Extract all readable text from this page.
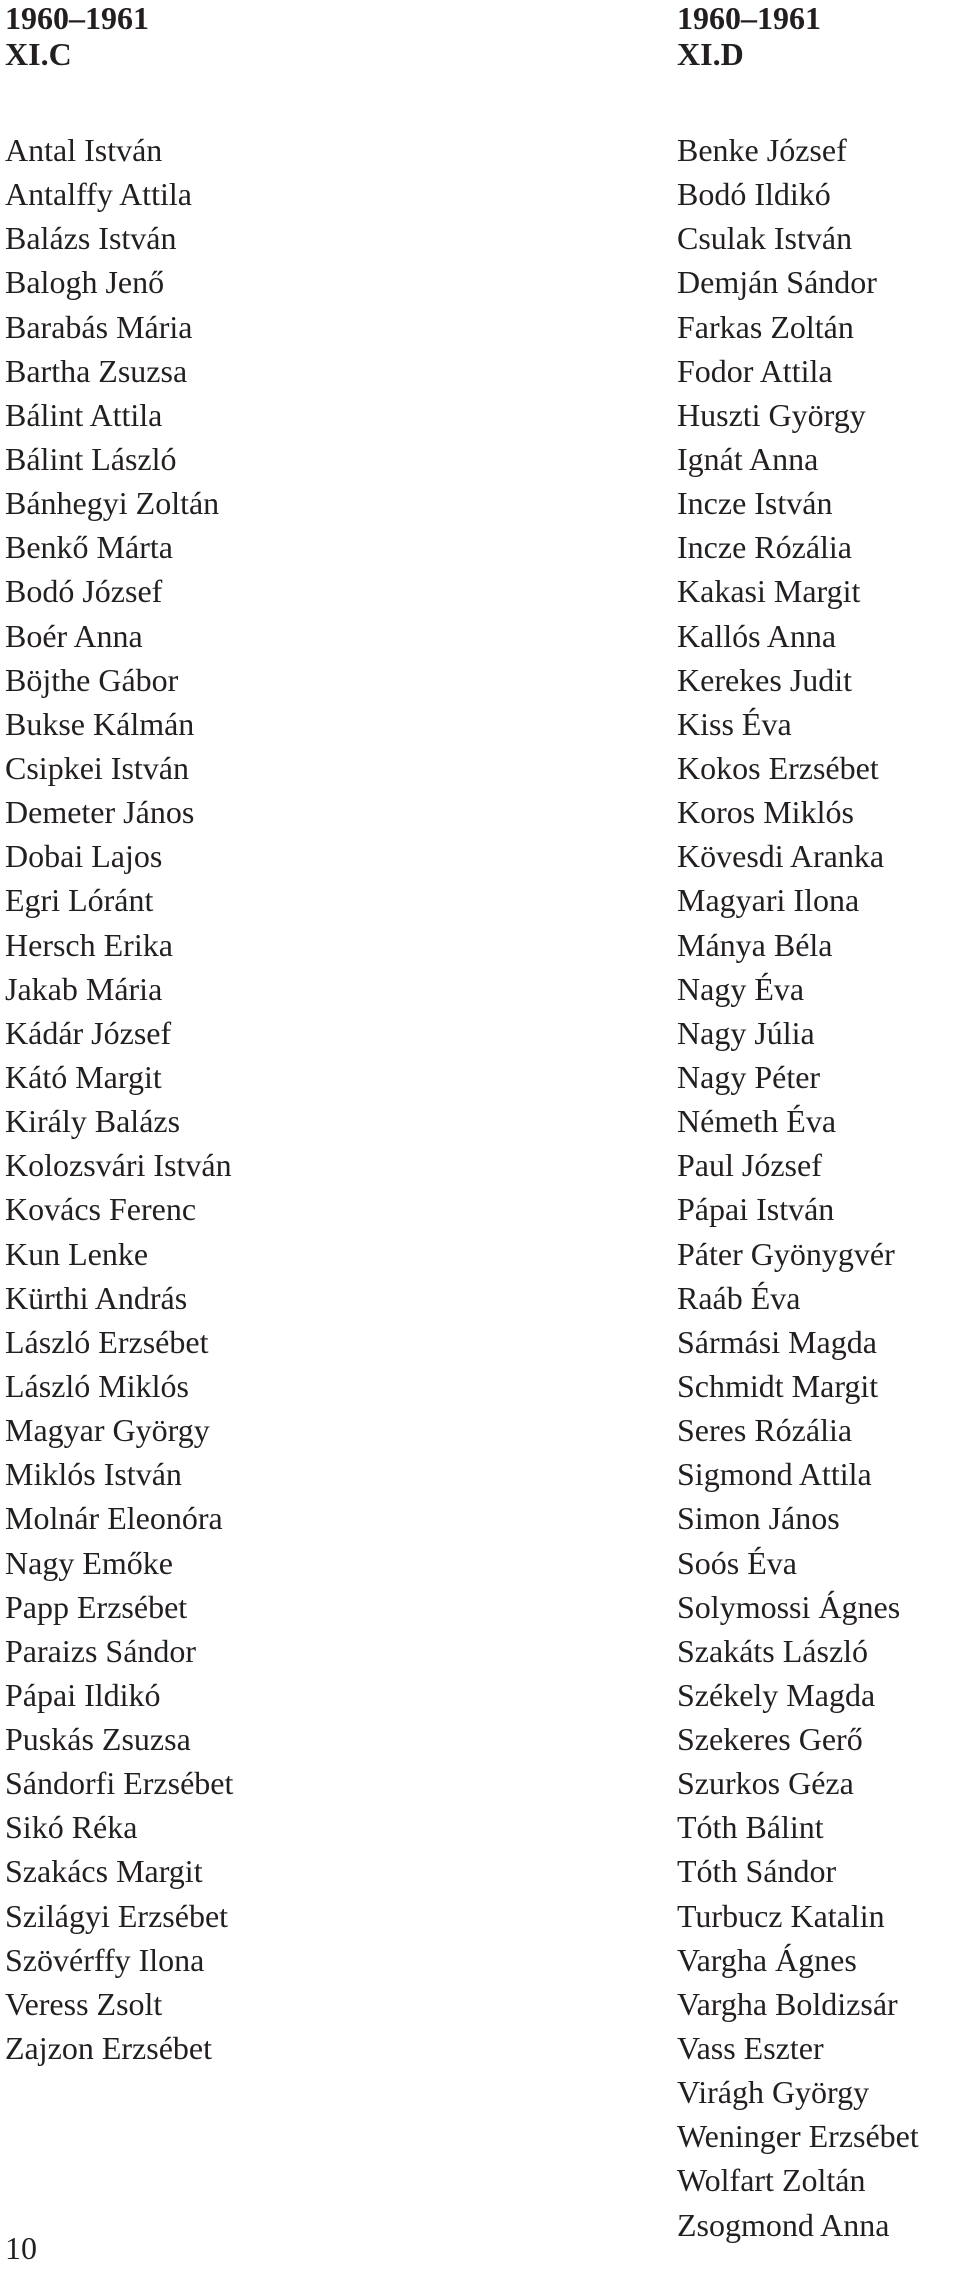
1960–1961
XI.C
Antal István
Antalffy Attila
Balázs István
Balogh Jenő
Barabás Mária
Bartha Zsuzsa
Bálint Attila
Bálint László
Bánhegyi Zoltán
Benkő Márta
Bodó József
Boér Anna
Böjthe Gábor
Bukse Kálmán
Csipkei István
Demeter János
Dobai Lajos
Egri Lóránt
Hersch Erika
Jakab Mária
Kádár József
Kátó Margit
Király Balázs
Kolozsvári István
Kovács Ferenc
Kun Lenke
Kürthi András
László Erzsébet
László Miklós
Magyar György
Miklós István
Molnár Eleonóra
Nagy Emőke
Papp Erzsébet
Paraizs Sándor
Pápai Ildikó
Puskás Zsuzsa
Sándorfi Erzsébet
Sikó Réka
Szakács Margit
Szilágyi Erzsébet
Szövérffy Ilona
Veress Zsolt
Zajzon Erzsébet
1960–1961
XI.D
Benke József
Bodó Ildikó
Csulak István
Demján Sándor
Farkas Zoltán
Fodor Attila
Huszti György
Ignát Anna
Incze István
Incze Rózália
Kakasi Margit
Kallós Anna
Kerekes Judit
Kiss Éva
Kokos Erzsébet
Koros Miklós
Kövesdi Aranka
Magyari Ilona
Mánya Béla
Nagy Éva
Nagy Júlia
Nagy Péter
Németh Éva
Paul József
Pápai István
Páter Gyönygvér
Raáb Éva
Sármási Magda
Schmidt Margit
Seres Rózália
Sigmond Attila
Simon János
Soós Éva
Solymossi Ágnes
Szakáts László
Székely Magda
Szekeres Gerő
Szurkos Géza
Tóth Bálint
Tóth Sándor
Turbucz Katalin
Vargha Ágnes
Vargha Boldizsár
Vass Eszter
Virágh György
Weninger Erzsébet
Wolfart Zoltán
Zsogmond Anna
10
